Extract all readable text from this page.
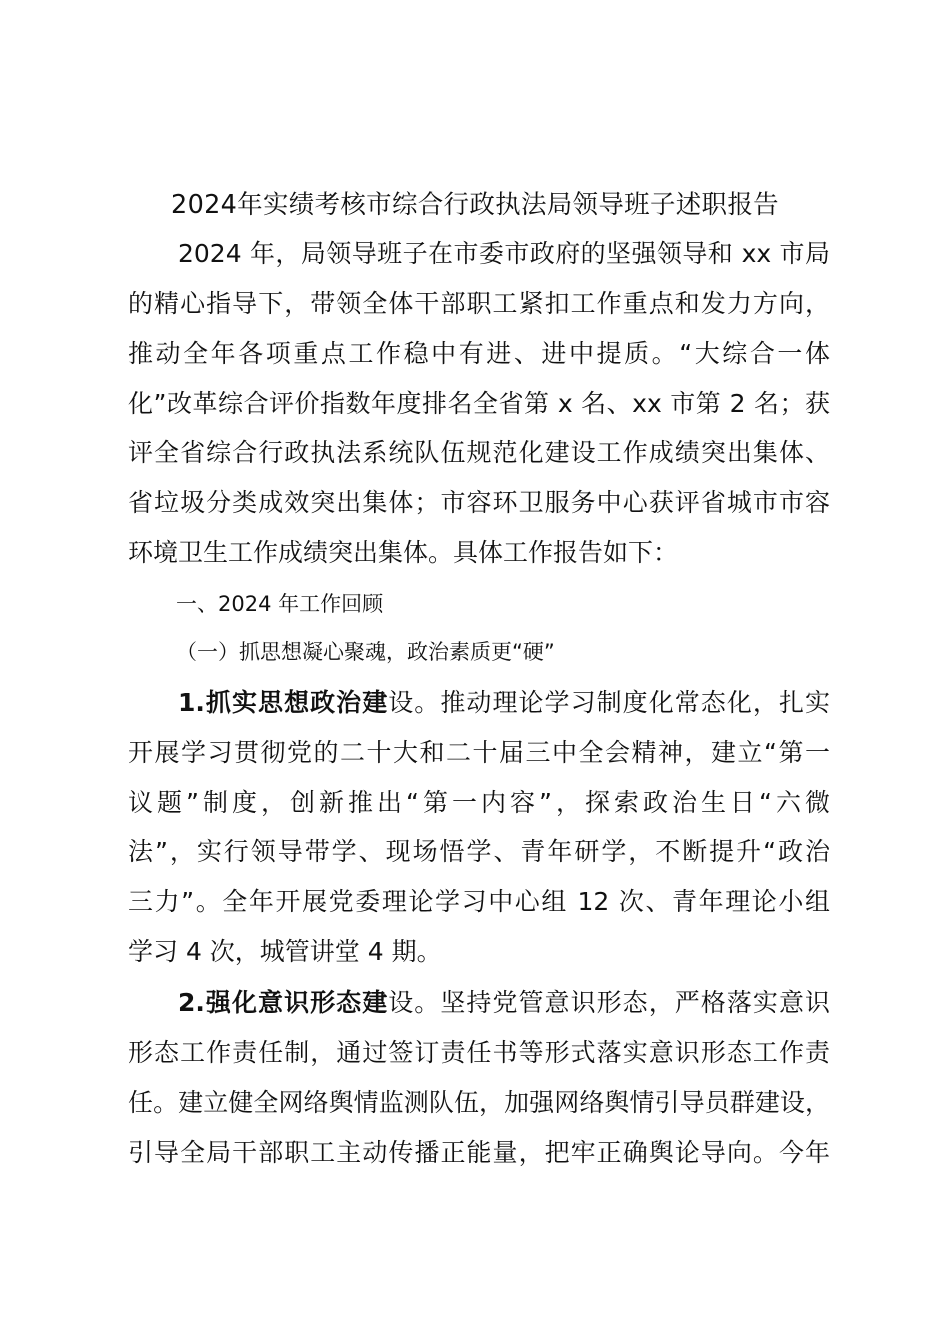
2024年实绩考核市综合行政执法局领导班子述职报告
2024 年，局领导班子在市委市政府的坚强领导和 xx 市局
的精心指导下，带领全体干部职工紧扣工作重点和发力方向，
推动全年各项重点工作稳中有进、进中提质。“大综合一体
化”改革综合评价指数年度排名全省第 x 名、xx 市第 2 名；获
评全省综合行政执法系统队伍规范化建设工作成绩突出集体、
省垃圾分类成效突出集体；市容环卫服务中心获评省城市市容
环境卫生工作成绩突出集体。具体工作报告如下：
一、2024 年工作回顾
（一）抓思想凝心聚魂，政治素质更“硬”
1.抓实思想政治建设。推动理论学习制度化常态化，扎实
开展学习贯彻党的二十大和二十届三中全会精神，建立“第一
议题”制度，创新推出“第一内容”，探索政治生日“六微
法”，实行领导带学、现场悟学、青年研学，不断提升“政治
三力”。全年开展党委理论学习中心组 12 次、青年理论小组
学习 4 次，城管讲堂 4 期。
2.强化意识形态建设。坚持党管意识形态，严格落实意识
形态工作责任制，通过签订责任书等形式落实意识形态工作责
任。建立健全网络舆情监测队伍，加强网络舆情引导员群建设，
引导全局干部职工主动传播正能量，把牢正确舆论导向。今年
